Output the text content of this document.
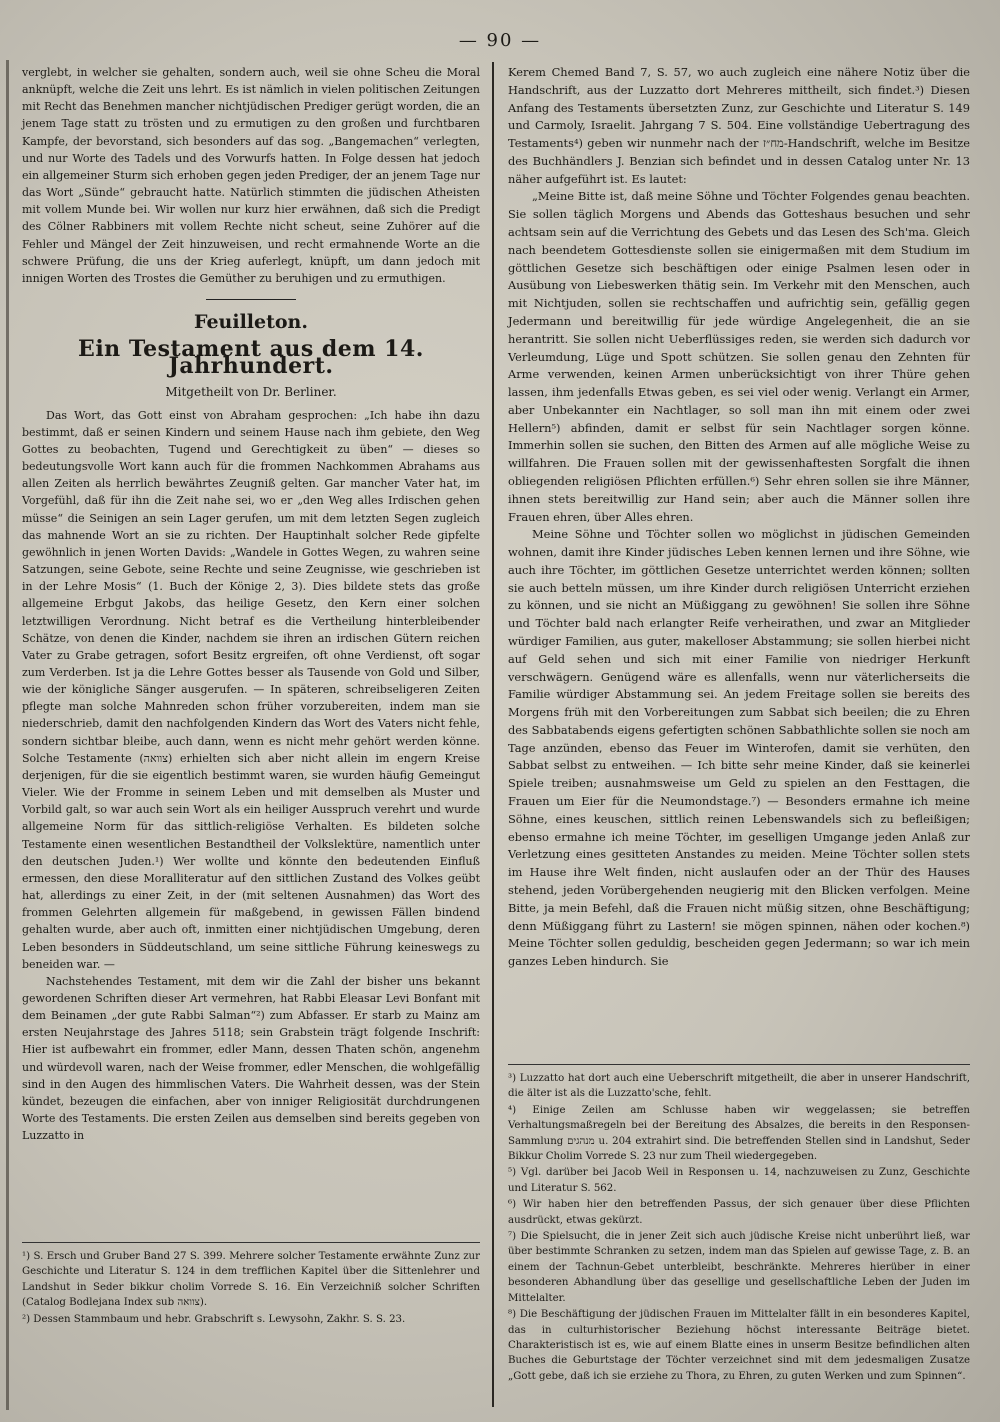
— 90 —

verglebt, in welcher sie gehalten, sondern auch, weil sie ohne Scheu die Moral anknüpft, welche die Zeit uns lehrt. Es ist nämlich in vielen politischen Zeitungen mit Recht das Benehmen mancher nichtjüdischen Prediger gerügt worden, die an jenem Tage statt zu trösten und zu ermutigen zu den großen und furchtbaren Kampfe, der bevorstand, sich besonders auf das sog. „Bangemachen“ verlegten, und nur Worte des Tadels und des Vorwurfs hatten. In Folge dessen hat jedoch ein allgemeiner Sturm sich erhoben gegen jeden Prediger, der an jenem Tage nur das Wort „Sünde“ gebraucht hatte. Natürlich stimmten die jüdischen Atheisten mit vollem Munde bei. Wir wollen nur kurz hier erwähnen, daß sich die Predigt des Cölner Rabbiners mit vollem Rechte nicht scheut, seine Zuhörer auf die Fehler und Mängel der Zeit hinzuweisen, und recht ermahnende Worte an die schwere Prüfung, die uns der Krieg auferlegt, knüpft, um dann jedoch mit innigen Worten des Trostes die Gemüther zu beruhigen und zu ermuthigen.

Feuilleton.
Ein Testament aus dem 14. Jahrhundert.
Mitgetheilt von Dr. Berliner.

Das Wort, das Gott einst von Abraham gesprochen: „Ich habe ihn dazu bestimmt, daß er seinen Kindern und seinem Hause nach ihm gebiete, den Weg Gottes zu beobachten, Tugend und Gerechtigkeit zu üben“ — dieses so bedeutungsvolle Wort kann auch für die frommen Nachkommen Abrahams aus allen Zeiten als herrlich bewährtes Zeugniß gelten. Gar mancher Vater hat, im Vorgefühl, daß für ihn die Zeit nahe sei, wo er „den Weg alles Irdischen gehen müsse“ die Seinigen an sein Lager gerufen, um mit dem letzten Segen zugleich das mahnende Wort an sie zu richten. Der Hauptinhalt solcher Rede gipfelte gewöhnlich in jenen Worten Davids: „Wandele in Gottes Wegen, zu wahren seine Satzungen, seine Gebote, seine Rechte und seine Zeugnisse, wie geschrieben ist in der Lehre Mosis“ (1. Buch der Könige 2, 3). Dies bildete stets das große allgemeine Erbgut Jakobs, das heilige Gesetz, den Kern einer solchen letztwilligen Verordnung. Nicht betraf es die Vertheilung hinterbleibender Schätze, von denen die Kinder, nachdem sie ihren an irdischen Gütern reichen Vater zu Grabe getragen, sofort Besitz ergreifen, oft ohne Verdienst, oft sogar zum Verderben. Ist ja die Lehre Gottes besser als Tausende von Gold und Silber, wie der königliche Sänger ausgerufen. — In späteren, schreibseligeren Zeiten pflegte man solche Mahnreden schon früher vorzubereiten, indem man sie niederschrieb, damit den nachfolgenden Kindern das Wort des Vaters nicht fehle, sondern sichtbar bleibe, auch dann, wenn es nicht mehr gehört werden könne. Solche Testamente (צוואה) erhielten sich aber nicht allein im engern Kreise derjenigen, für die sie eigentlich bestimmt waren, sie wurden häufig Gemeingut Vieler. Wie der Fromme in seinem Leben und mit demselben als Muster und Vorbild galt, so war auch sein Wort als ein heiliger Ausspruch verehrt und wurde allgemeine Norm für das sittlich-religiöse Verhalten. Es bildeten solche Testamente einen wesentlichen Bestandtheil der Volkslektüre, namentlich unter den deutschen Juden.¹) Wer wollte und könnte den bedeutenden Einfluß ermessen, den diese Moralliteratur auf den sittlichen Zustand des Volkes geübt hat, allerdings zu einer Zeit, in der (mit seltenen Ausnahmen) das Wort des frommen Gelehrten allgemein für maßgebend, in gewissen Fällen bindend gehalten wurde, aber auch oft, inmitten einer nichtjüdischen Umgebung, deren Leben besonders in Süddeutschland, um seine sittliche Führung keineswegs zu beneiden war. —

Nachstehendes Testament, mit dem wir die Zahl der bisher uns bekannt gewordenen Schriften dieser Art vermehren, hat Rabbi Eleasar Levi Bonfant mit dem Beinamen „der gute Rabbi Salman“²) zum Abfasser. Er starb zu Mainz am ersten Neujahrstage des Jahres 5118; sein Grabstein trägt folgende Inschrift: Hier ist aufbewahrt ein frommer, edler Mann, dessen Thaten schön, angenehm und würdevoll waren, nach der Weise frommer, edler Menschen, die wohlgefällig sind in den Augen des himmlischen Vaters. Die Wahrheit dessen, was der Stein kündet, bezeugen die einfachen, aber von inniger Religiosität durchdrungenen Worte des Testaments. Die ersten Zeilen aus demselben sind bereits gegeben von Luzzatto in

¹) S. Ersch und Gruber Band 27 S. 399. Mehrere solcher Testamente erwähnte Zunz zur Geschichte und Literatur S. 124 in dem trefflichen Kapitel über die Sittenlehrer und Landshut in Seder bikkur cholim Vorrede S. 16. Ein Verzeichniß solcher Schriften (Catalog Bodlejana Index sub צוואה).

²) Dessen Stammbaum und hebr. Grabschrift s. Lewysohn, Zakhr. S. S. 23.

Kerem Chemed Band 7, S. 57, wo auch zugleich eine nähere Notiz über die Handschrift, aus der Luzzatto dort Mehreres mittheilt, sich findet.³) Diesen Anfang des Testaments übersetzten Zunz, zur Geschichte und Literatur S. 149 und Carmoly, Israelit. Jahrgang 7 S. 504. Eine vollständige Uebertragung des Testaments⁴) geben wir nunmehr nach der מח״ז-Handschrift, welche im Besitze des Buchhändlers J. Benzian sich befindet und in dessen Catalog unter Nr. 13 näher aufgeführt ist. Es lautet:

„Meine Bitte ist, daß meine Söhne und Töchter Folgendes genau beachten. Sie sollen täglich Morgens und Abends das Gotteshaus besuchen und sehr achtsam sein auf die Verrichtung des Gebets und das Lesen des Sch'ma. Gleich nach beendetem Gottesdienste sollen sie einigermaßen mit dem Studium im göttlichen Gesetze sich beschäftigen oder einige Psalmen lesen oder in Ausübung von Liebeswerken thätig sein. Im Verkehr mit den Menschen, auch mit Nichtjuden, sollen sie rechtschaffen und aufrichtig sein, gefällig gegen Jedermann und bereitwillig für jede würdige Angelegenheit, die an sie herantritt. Sie sollen nicht Ueberflüssiges reden, sie werden sich dadurch vor Verleumdung, Lüge und Spott schützen. Sie sollen genau den Zehnten für Arme verwenden, keinen Armen unberücksichtigt von ihrer Thüre gehen lassen, ihm jedenfalls Etwas geben, es sei viel oder wenig. Verlangt ein Armer, aber Unbekannter ein Nachtlager, so soll man ihn mit einem oder zwei Hellern⁵) abfinden, damit er selbst für sein Nachtlager sorgen könne. Immerhin sollen sie suchen, den Bitten des Armen auf alle mögliche Weise zu willfahren. Die Frauen sollen mit der gewissenhaftesten Sorgfalt die ihnen obliegenden religiösen Pflichten erfüllen.⁶) Sehr ehren sollen sie ihre Männer, ihnen stets bereitwillig zur Hand sein; aber auch die Männer sollen ihre Frauen ehren, über Alles ehren.

Meine Söhne und Töchter sollen wo möglichst in jüdischen Gemeinden wohnen, damit ihre Kinder jüdisches Leben kennen lernen und ihre Söhne, wie auch ihre Töchter, im göttlichen Gesetze unterrichtet werden können; sollten sie auch betteln müssen, um ihre Kinder durch religiösen Unterricht erziehen zu können, und sie nicht an Müßiggang zu gewöhnen! Sie sollen ihre Söhne und Töchter bald nach erlangter Reife verheirathen, und zwar an Mitglieder würdiger Familien, aus guter, makelloser Abstammung; sie sollen hierbei nicht auf Geld sehen und sich mit einer Familie von niedriger Herkunft verschwägern. Genügend wäre es allenfalls, wenn nur väterlicherseits die Familie würdiger Abstammung sei. An jedem Freitage sollen sie bereits des Morgens früh mit den Vorbereitungen zum Sabbat sich beeilen; die zu Ehren des Sabbatabends eigens gefertigten schönen Sabbathlichte sollen sie noch am Tage anzünden, ebenso das Feuer im Winterofen, damit sie verhüten, den Sabbat selbst zu entweihen. — Ich bitte sehr meine Kinder, daß sie keinerlei Spiele treiben; ausnahmsweise um Geld zu spielen an den Festtagen, die Frauen um Eier für die Neumondstage.⁷) — Besonders ermahne ich meine Söhne, eines keuschen, sittlich reinen Lebenswandels sich zu befleißigen; ebenso ermahne ich meine Töchter, im geselligen Umgange jeden Anlaß zur Verletzung eines gesitteten Anstandes zu meiden. Meine Töchter sollen stets im Hause ihre Welt finden, nicht auslaufen oder an der Thür des Hauses stehend, jeden Vorübergehenden neugierig mit den Blicken verfolgen. Meine Bitte, ja mein Befehl, daß die Frauen nicht müßig sitzen, ohne Beschäftigung; denn Müßiggang führt zu Lastern! sie mögen spinnen, nähen oder kochen.⁸) Meine Töchter sollen geduldig, bescheiden gegen Jedermann; so war ich mein ganzes Leben hindurch. Sie

³) Luzzatto hat dort auch eine Ueberschrift mitgetheilt, die aber in unserer Handschrift, die älter ist als die Luzzatto'sche, fehlt.

⁴) Einige Zeilen am Schlusse haben wir weggelassen; sie betreffen Verhaltungsmaßregeln bei der Bereitung des Absalzes, die bereits in den Responsen-Sammlung מנהגים u. 204 extrahirt sind. Die betreffenden Stellen sind in Landshut, Seder Bikkur Cholim Vorrede S. 23 nur zum Theil wiedergegeben.

⁵) Vgl. darüber bei Jacob Weil in Responsen u. 14, nachzuweisen zu Zunz, Geschichte und Literatur S. 562.

⁶) Wir haben hier den betreffenden Passus, der sich genauer über diese Pflichten ausdrückt, etwas gekürzt.

⁷) Die Spielsucht, die in jener Zeit sich auch jüdische Kreise nicht unberührt ließ, war über bestimmte Schranken zu setzen, indem man das Spielen auf gewisse Tage, z. B. an einem der Tachnun-Gebet unterbleibt, beschränkte. Mehreres hierüber in einer besonderen Abhandlung über das gesellige und gesellschaftliche Leben der Juden im Mittelalter.

⁸) Die Beschäftigung der jüdischen Frauen im Mittelalter fällt in ein besonderes Kapitel, das in culturhistorischer Beziehung höchst interessante Beiträge bietet. Charakteristisch ist es, wie auf einem Blatte eines in unserm Besitze befindlichen alten Buches die Geburtstage der Töchter verzeichnet sind mit dem jedesmaligen Zusatze „Gott gebe, daß ich sie erziehe zu Thora, zu Ehren, zu guten Werken und zum Spinnen“.
